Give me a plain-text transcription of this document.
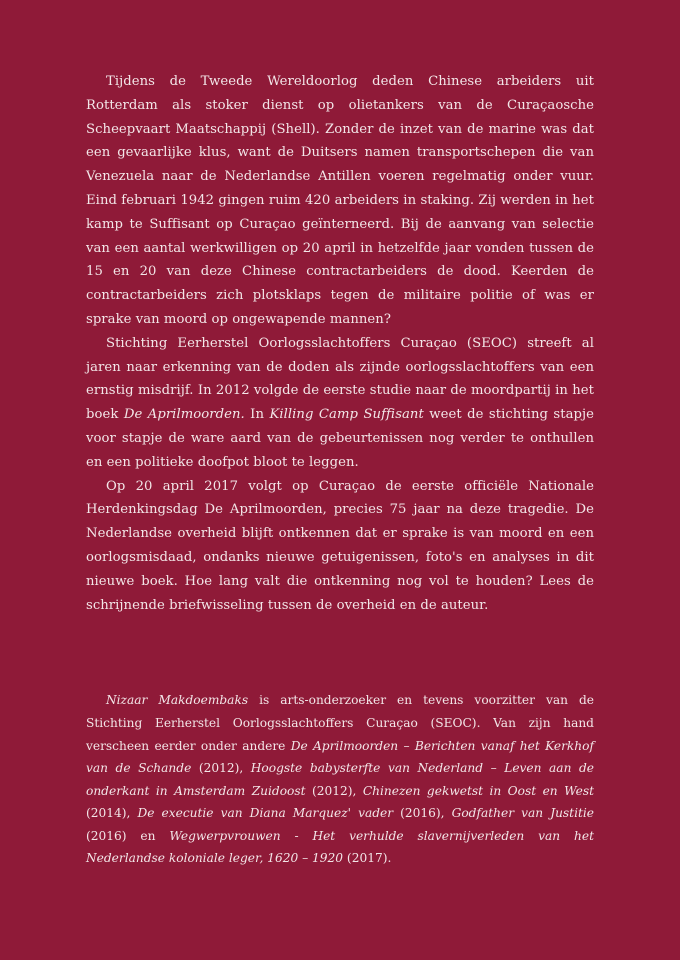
Tijdens de Tweede Wereldoorlog deden Chinese arbeiders uit Rotterdam als stoker dienst op olietankers van de Curaçaosche Scheepvaart Maatschappij (Shell). Zonder de inzet van de marine was dat een gevaarlijke klus, want de Duitsers namen transportschepen die van Venezuela naar de Nederlandse Antillen voeren regelmatig onder vuur. Eind februari 1942 gingen ruim 420 arbeiders in staking. Zij werden in het kamp te Suffisant op Curaçao geïnterneerd. Bij de aanvang van selectie van een aantal werkwilligen op 20 april in hetzelfde jaar vonden tussen de 15 en 20 van deze Chinese contractarbeiders de dood. Keerden de contractarbeiders zich plotsklaps tegen de militaire politie of was er sprake van moord op ongewapende mannen?

Stichting Eerherstel Oorlogsslachtoffers Curaçao (SEOC) streeft al jaren naar erkenning van de doden als zijnde oorlogsslachtoffers van een ernstig misdrijf. In 2012 volgde de eerste studie naar de moordpartij in het boek De Aprilmoorden. In Killing Camp Suffisant weet de stichting stapje voor stapje de ware aard van de gebeurtenissen nog verder te onthullen en een politieke doofpot bloot te leggen.

Op 20 april 2017 volgt op Curaçao de eerste officiële Nationale Herdenkingsdag De Aprilmoorden, precies 75 jaar na deze tragedie. De Nederlandse overheid blijft ontkennen dat er sprake is van moord en een oorlogsmisdaad, ondanks nieuwe getuigenissen, foto's en analyses in dit nieuwe boek. Hoe lang valt die ontkenning nog vol te houden? Lees de schrijnende briefwisseling tussen de overheid en de auteur.

Nizaar Makdoembaks is arts-onderzoeker en tevens voorzitter van de Stichting Eerherstel Oorlogsslachtoffers Curaçao (SEOC). Van zijn hand verscheen eerder onder andere De Aprilmoorden – Berichten vanaf het Kerkhof van de Schande (2012), Hoogste babysterfte van Nederland – Leven aan de onderkant in Amsterdam Zuidoost (2012), Chinezen gekwetst in Oost en West (2014), De executie van Diana Marquez' vader (2016), Godfather van Justitie (2016) en Wegwerpvrouwen - Het verhulde slavernijverleden van het Nederlandse koloniale leger, 1620 – 1920 (2017).
